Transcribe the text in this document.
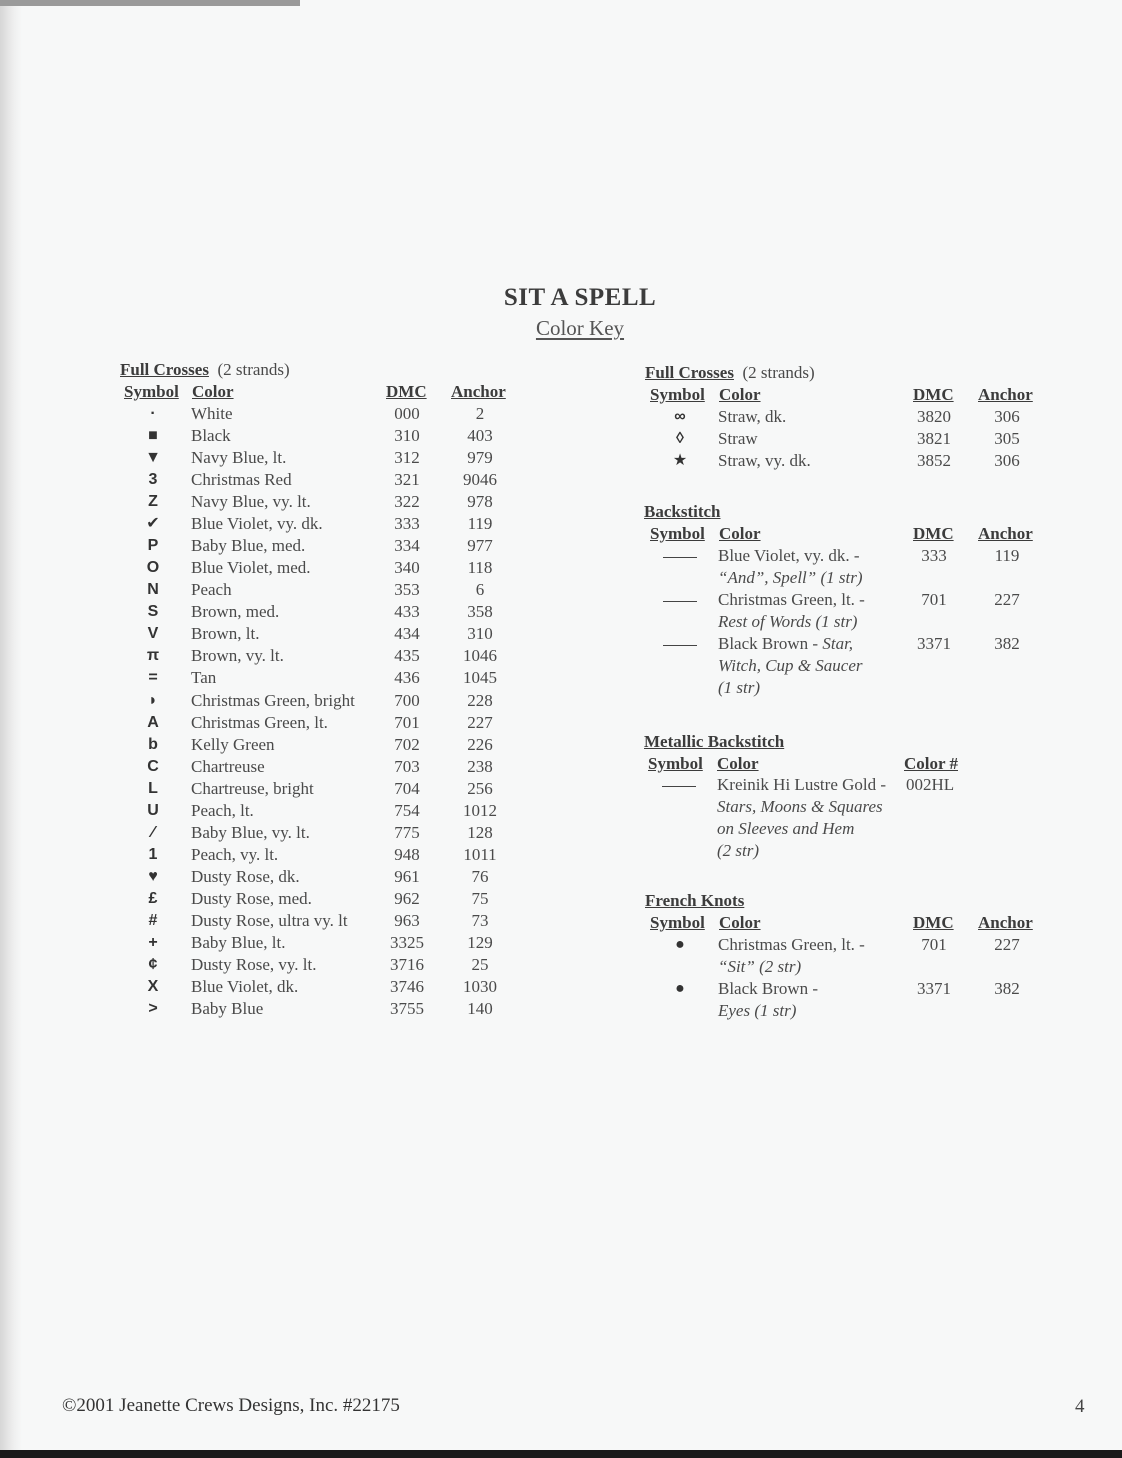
SIT A SPELL
Color Key
Full Crosses (2 strands)
Symbol Color	DMC Anchor
·	White	000	2
■	Black	310	403
▼	Navy Blue, lt.	312	979
3	Christmas Red	321	9046
Z	Navy Blue, vy. lt.	322	978
✔	Blue Violet, vy. dk.	333	119
P	Baby Blue, med.	334	977
O	Blue Violet, med.	340	118
N	Peach	353	6
S	Brown, med.	433	358
V	Brown, lt.	434	310
π	Brown, vy. lt.	435	1046
=	Tan	436	1045
◗	Christmas Green, bright	700	228
A	Christmas Green, lt.	701	227
b	Kelly Green	702	226
C	Chartreuse	703	238
L	Chartreuse, bright	704	256
U	Peach, lt.	754	1012
⁄	Baby Blue, vy. lt.	775	128
1	Peach, vy. lt.	948	1011
♥	Dusty Rose, dk.	961	76
£	Dusty Rose, med.	962	75
#	Dusty Rose, ultra vy. lt	963	73
+	Baby Blue, lt.	3325	129
¢	Dusty Rose, vy. lt.	3716	25
X	Blue Violet, dk.	3746	1030
>	Baby Blue	3755	140
Full Crosses (2 strands)
Symbol Color	DMC Anchor
∞	Straw, dk.	3820	306
◊	Straw	3821	305
★	Straw, vy. dk.	3852	306
Backstitch
Symbol Color	DMC Anchor
Blue Violet, vy. dk. -	333	119
“And”, Spell” (1 str)
Christmas Green, lt. -	701	227
Rest of Words (1 str)
Black Brown - Star,	3371	382
Witch, Cup & Saucer
(1 str)
Metallic Backstitch
Symbol Color	Color #
Kreinik Hi Lustre Gold - 002HL
Stars, Moons & Squares
on Sleeves and Hem
(2 str)
French Knots
Symbol Color	DMC Anchor
●	Christmas Green, lt. -	701	227
“Sit” (2 str)
●	Black Brown -	3371	382
Eyes (1 str)
©2001 Jeanette Crews Designs, Inc. #22175	4
